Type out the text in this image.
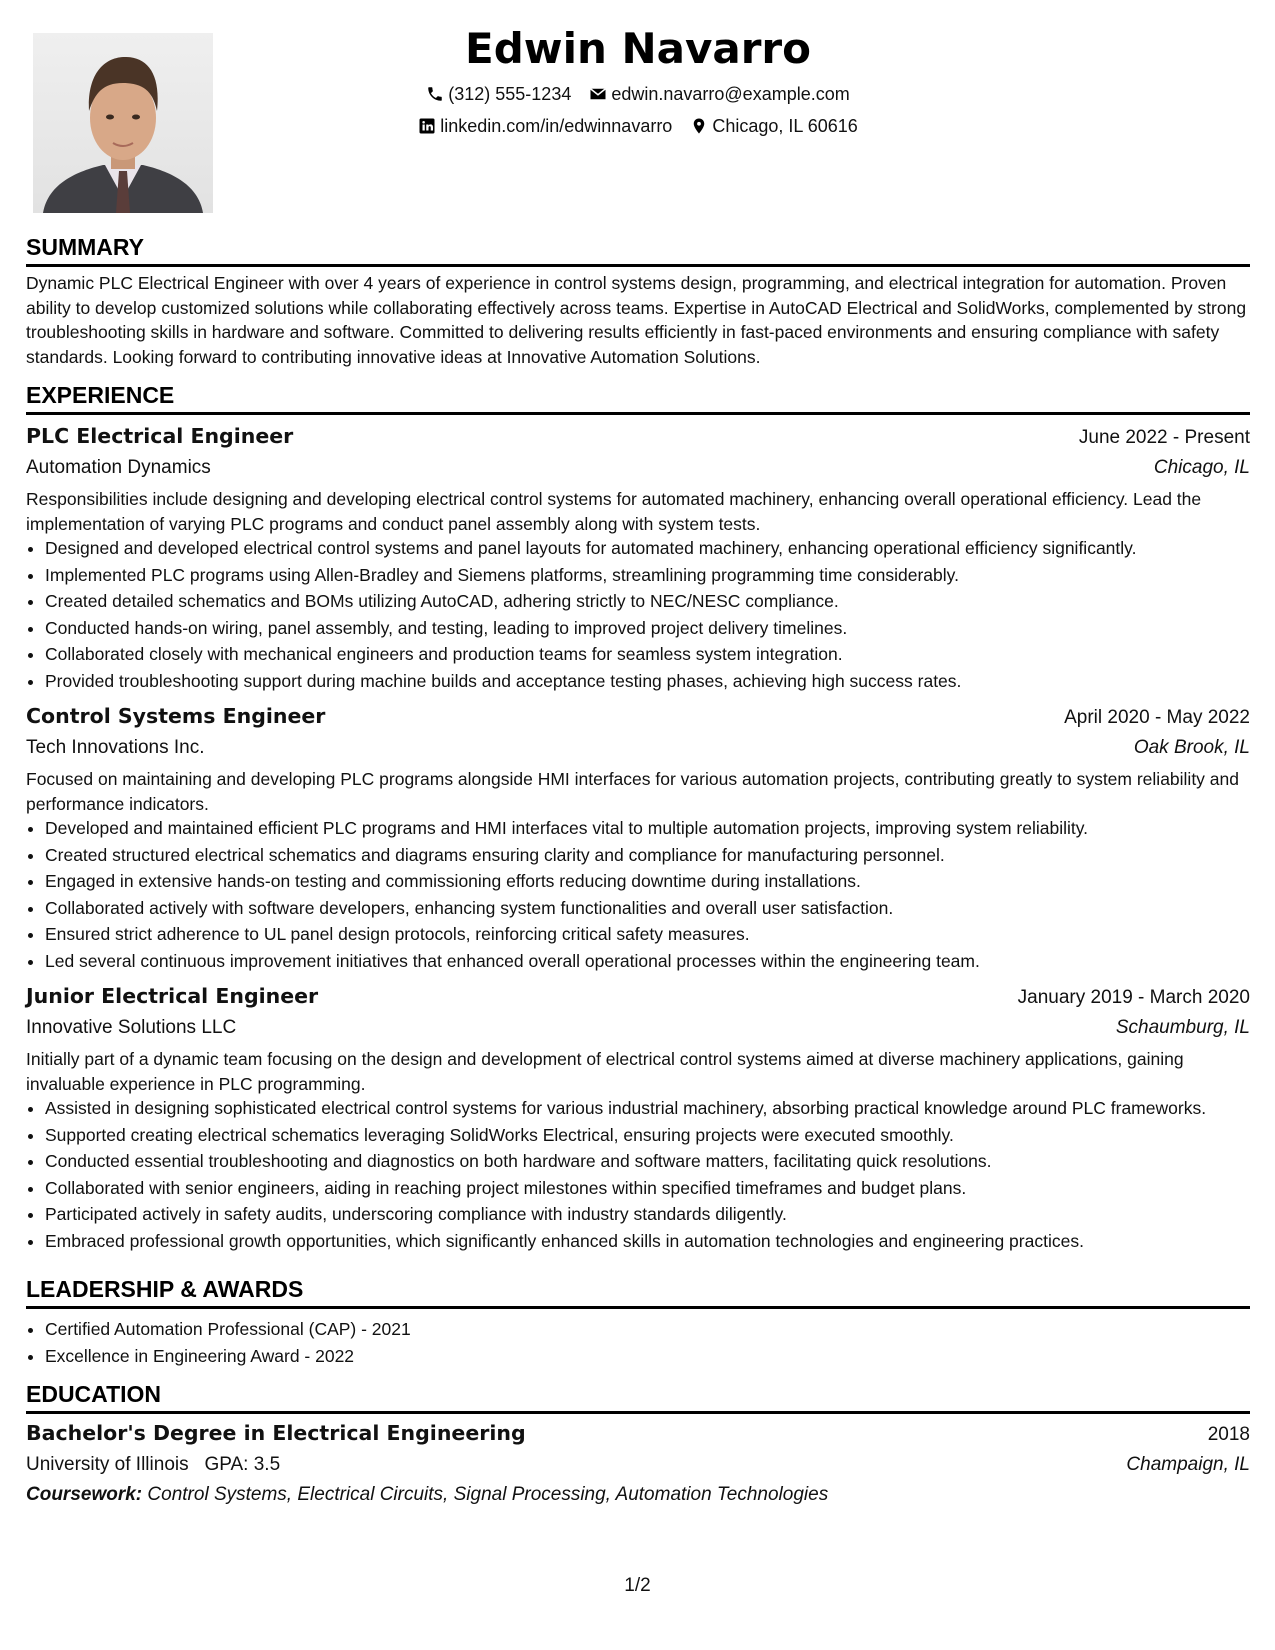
Edwin Navarro
(312) 555-1234 edwin.navarro@example.com
linkedin.com/in/edwinnavarro Chicago, IL 60616
SUMMARY

Dynamic PLC Electrical Engineer with over 4 years of experience in control systems design, programming, and electrical integration for automation. Proven ability to develop customized solutions while collaborating effectively across teams. Expertise in AutoCAD Electrical and SolidWorks, complemented by strong troubleshooting skills in hardware and software. Committed to delivering results efficiently in fast-paced environments and ensuring compliance with safety standards. Looking forward to contributing innovative ideas at Innovative Automation Solutions.

EXPERIENCE
PLC Electrical Engineer	June 2022 - Present
Automation Dynamics	Chicago, IL

Responsibilities include designing and developing electrical control systems for automated machinery, enhancing overall operational efficiency. Lead the implementation of varying PLC programs and conduct panel assembly along with system tests.

• Designed and developed electrical control systems and panel layouts for automated machinery, enhancing operational efficiency significantly.
• Implemented PLC programs using Allen-Bradley and Siemens platforms, streamlining programming time considerably.
• Created detailed schematics and BOMs utilizing AutoCAD, adhering strictly to NEC/NESC compliance.
• Conducted hands-on wiring, panel assembly, and testing, leading to improved project delivery timelines.
• Collaborated closely with mechanical engineers and production teams for seamless system integration.
• Provided troubleshooting support during machine builds and acceptance testing phases, achieving high success rates.
Control Systems Engineer	April 2020 - May 2022
Tech Innovations Inc.	Oak Brook, IL

Focused on maintaining and developing PLC programs alongside HMI interfaces for various automation projects, contributing greatly to system reliability and performance indicators.

• Developed and maintained efficient PLC programs and HMI interfaces vital to multiple automation projects, improving system reliability.
• Created structured electrical schematics and diagrams ensuring clarity and compliance for manufacturing personnel.
• Engaged in extensive hands-on testing and commissioning efforts reducing downtime during installations.
• Collaborated actively with software developers, enhancing system functionalities and overall user satisfaction.
• Ensured strict adherence to UL panel design protocols, reinforcing critical safety measures.
• Led several continuous improvement initiatives that enhanced overall operational processes within the engineering team.
Junior Electrical Engineer	January 2019 - March 2020
Innovative Solutions LLC	Schaumburg, IL

Initially part of a dynamic team focusing on the design and development of electrical control systems aimed at diverse machinery applications, gaining invaluable experience in PLC programming.

• Assisted in designing sophisticated electrical control systems for various industrial machinery, absorbing practical knowledge around PLC frameworks.
• Supported creating electrical schematics leveraging SolidWorks Electrical, ensuring projects were executed smoothly.
• Conducted essential troubleshooting and diagnostics on both hardware and software matters, facilitating quick resolutions.
• Collaborated with senior engineers, aiding in reaching project milestones within specified timeframes and budget plans.
• Participated actively in safety audits, underscoring compliance with industry standards diligently.
• Embraced professional growth opportunities, which significantly enhanced skills in automation technologies and engineering practices.
LEADERSHIP & AWARDS
• Certified Automation Professional (CAP) - 2021
• Excellence in Engineering Award - 2022
EDUCATION
Bachelor's Degree in Electrical Engineering	2018
University of Illinois GPA: 3.5	Champaign, IL
Coursework: Control Systems, Electrical Circuits, Signal Processing, Automation Technologies
1/2
